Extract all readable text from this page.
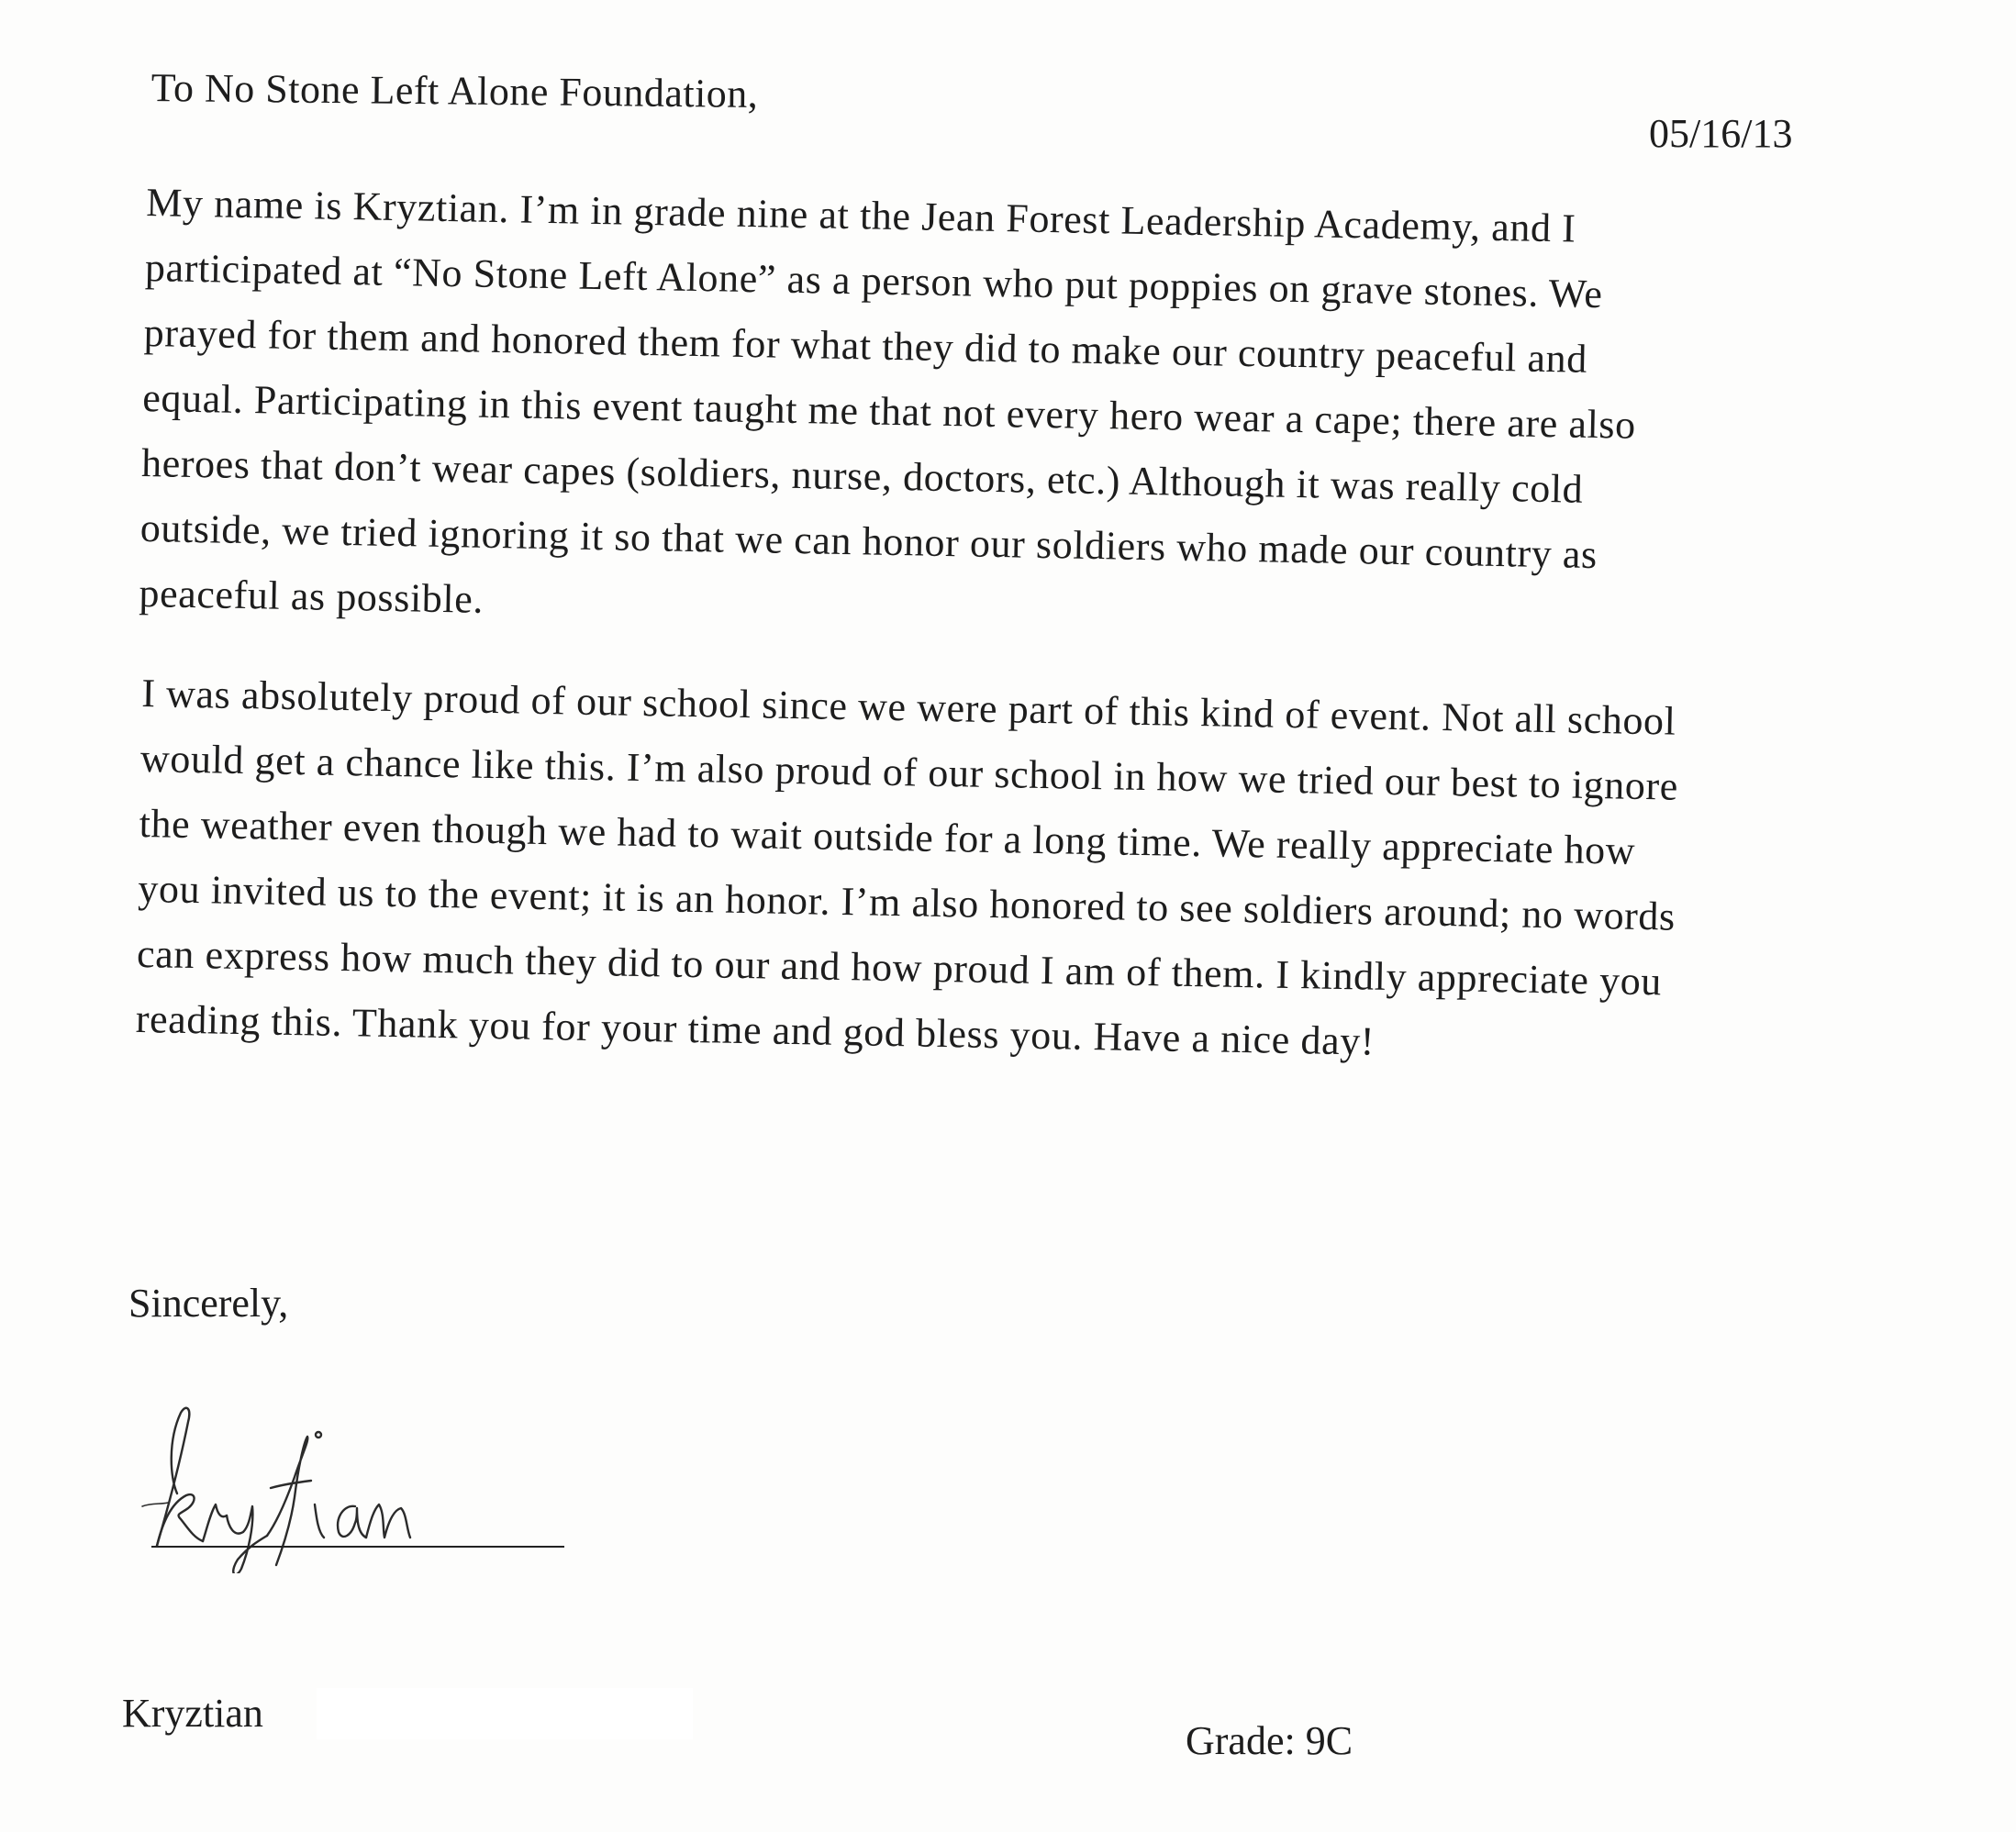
To No Stone Left Alone Foundation,
05/16/13
My name is Kryztian. I’m in grade nine at the Jean Forest Leadership Academy, and I
participated at “No Stone Left Alone” as a person who put poppies on grave stones. We
prayed for them and honored them for what they did to make our country peaceful and
equal. Participating in this event taught me that not every hero wear a cape; there are also
heroes that don’t wear capes (soldiers, nurse, doctors, etc.) Although it was really cold
outside, we tried ignoring it so that we can honor our soldiers who made our country as
peaceful as possible.
I was absolutely proud of our school since we were part of this kind of event. Not all school
would get a chance like this. I’m also proud of our school in how we tried our best to ignore
the weather even though we had to wait outside for a long time. We really appreciate how
you invited us to the event; it is an honor. I’m also honored to see soldiers around; no words
can express how much they did to our and how proud I am of them. I kindly appreciate you
reading this. Thank you for your time and god bless you. Have a nice day!
Sincerely,
Kryztian
Grade: 9C
